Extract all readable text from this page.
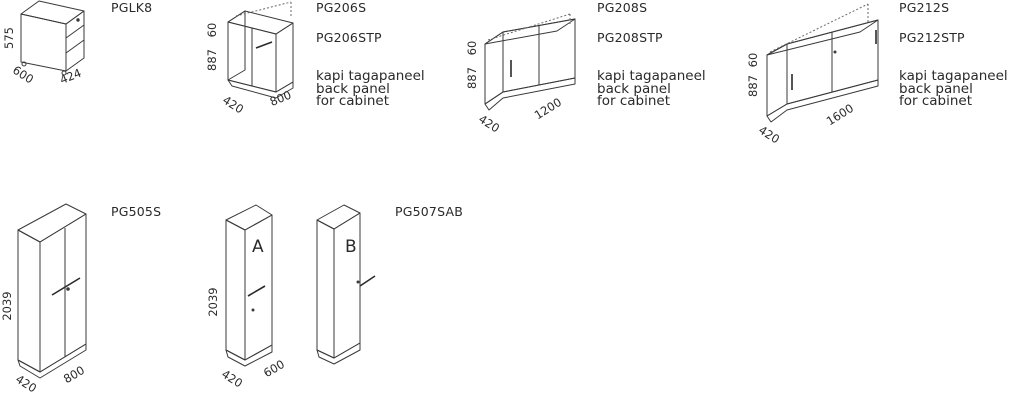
575
600 424
60
887
420 800
60
887
420
1200
60
887
420
1600
2039
420 800
A
2039
420 600
B
PGLK8	PG206S
PG206STP
kapi tagapaneel
back panel
for cabinet
PG208S
PG208STP
kapi tagapaneel
back panel
for cabinet
PG212S
PG212STP
kapi tagapaneel
back panel
for cabinet
PG505S	PG507SAB
